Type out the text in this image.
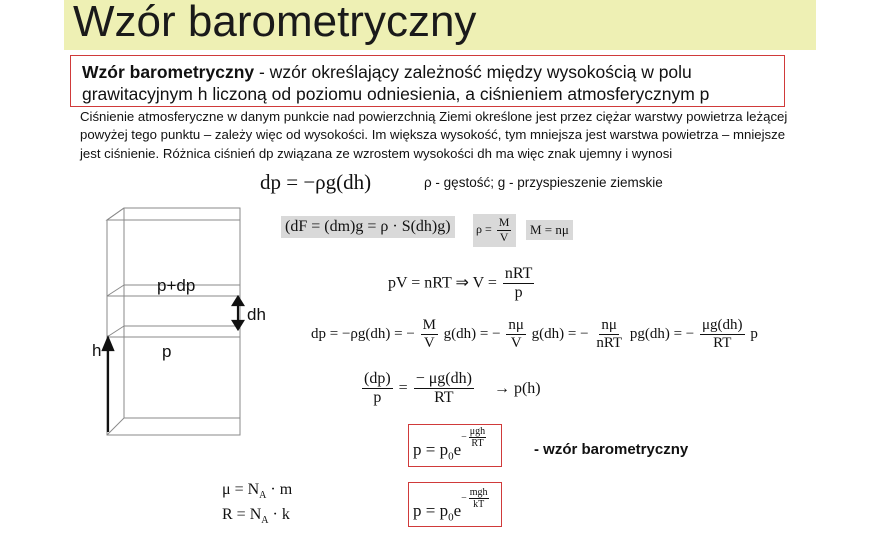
Wzór barometryczny
Wzór barometryczny - wzór określający zależność między wysokością w polu grawitacyjnym h liczoną od poziomu odniesienia, a ciśnieniem atmosferycznym p
Ciśnienie atmosferyczne w danym punkcie nad powierzchnią Ziemi określone jest przez ciężar warstwy powietrza leżącej powyżej tego punktu – zależy więc od wysokości. Im większa wysokość, tym mniejsza jest warstwa powietrza – mniejsze jest ciśnienie. Różnica ciśnień dp związana ze wzrostem wysokości dh ma więc znak ujemny i wynosi
dp = −ρg(dh)	ρ - gęstość; g - przyspieszenie ziemskie
(dF = (dm)g = ρ · S(dh)g)	$\rho = \frac{M}{V}$	M = nμ
pV = nRT ⇒ $V = \frac{\text{nRT}}{p}$
dp = −ρg(dh) = − $\frac{M}{V} g(dh)$ = − $\frac{n\mu}{V} g(dh)$ = − $\frac{n\mu}{\text{nRT}} pg(dh)$ = − $\frac{\mu g(dh)}{RT}$ p
$\frac{(dp)}{p} = \frac{- \mu g(dh)}{RT} \to p(h)$
$p = p_0e$
− $\frac{\text{μgh}}{RT}$
- wzór barometryczny
$p = p_0e$
− $\frac{\text{mgh}}{kT}$
$\mu = N_A \cdot m$
$R = N_A \cdot k$
p+dp
dh
h	p
